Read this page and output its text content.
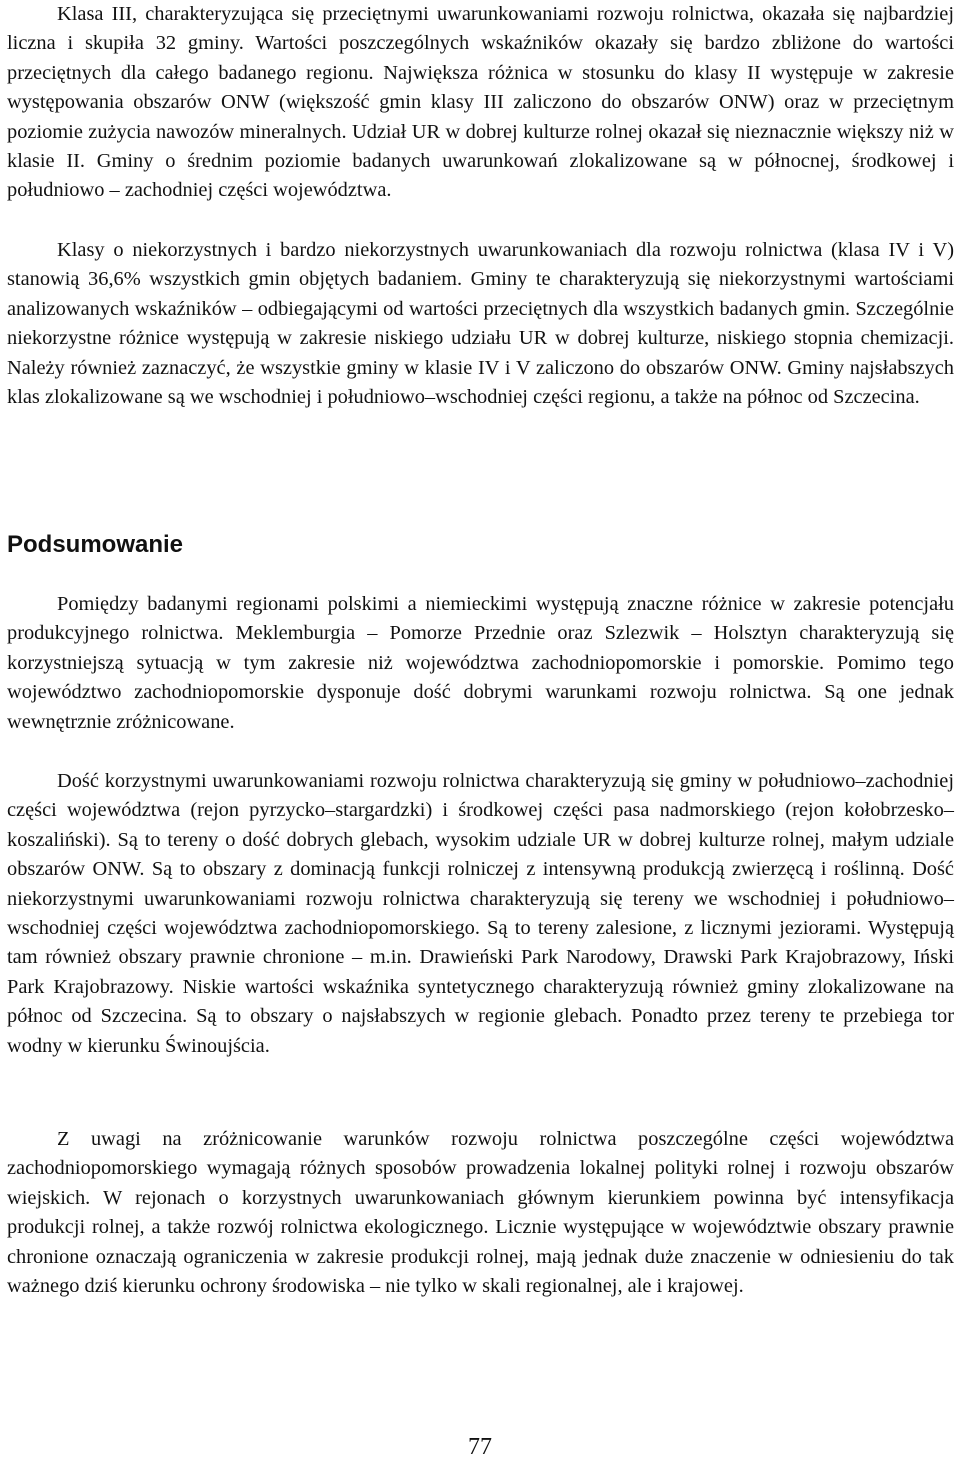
Klasa III, charakteryzująca się przeciętnymi uwarunkowaniami rozwoju rolnictwa, okazała się najbardziej liczna i skupiła 32 gminy. Wartości poszczególnych wskaźników okazały się bardzo zbliżone do wartości przeciętnych dla całego badanego regionu. Największa różnica w stosunku do klasy II występuje w zakresie występowania obszarów ONW (większość gmin klasy III zaliczono do obszarów ONW) oraz w przeciętnym poziomie zużycia nawozów mineralnych. Udział UR w dobrej kulturze rolnej okazał się nieznacznie większy niż w klasie II. Gminy o średnim poziomie badanych uwarunkowań zlokalizowane są w północnej, środkowej i południowo – zachodniej części województwa.

Klasy o niekorzystnych i bardzo niekorzystnych uwarunkowaniach dla rozwoju rolnictwa (klasa IV i V) stanowią 36,6% wszystkich gmin objętych badaniem. Gminy te charakteryzują się niekorzystnymi wartościami analizowanych wskaźników – odbiegającymi od wartości przeciętnych dla wszystkich badanych gmin. Szczególnie niekorzystne różnice występują w zakresie niskiego udziału UR w dobrej kulturze, niskiego stopnia chemizacji. Należy również zaznaczyć, że wszystkie gminy w klasie IV i V zaliczono do obszarów ONW. Gminy najsłabszych klas zlokalizowane są we wschodniej i południowo–wschodniej części regionu, a także na północ od Szczecina.

Podsumowanie

Pomiędzy badanymi regionami polskimi a niemieckimi występują znaczne różnice w zakresie potencjału produkcyjnego rolnictwa. Meklemburgia – Pomorze Przednie oraz Szlezwik – Holsztyn charakteryzują się korzystniejszą sytuacją w tym zakresie niż województwa zachodniopomorskie i pomorskie. Pomimo tego województwo zachodniopomorskie dysponuje dość dobrymi warunkami rozwoju rolnictwa. Są one jednak wewnętrznie zróżnicowane.

Dość korzystnymi uwarunkowaniami rozwoju rolnictwa charakteryzują się gminy w południowo–zachodniej części województwa (rejon pyrzycko–stargardzki) i środkowej części pasa nadmorskiego (rejon kołobrzesko–koszaliński). Są to tereny o dość dobrych glebach, wysokim udziale UR w dobrej kulturze rolnej, małym udziale obszarów ONW. Są to obszary z dominacją funkcji rolniczej z intensywną produkcją zwierzęcą i roślinną. Dość niekorzystnymi uwarunkowaniami rozwoju rolnictwa charakteryzują się tereny we wschodniej i południowo–wschodniej części województwa zachodniopomorskiego. Są to tereny zalesione, z licznymi jeziorami. Występują tam również obszary prawnie chronione – m.in. Drawieński Park Narodowy, Drawski Park Krajobrazowy, Iński Park Krajobrazowy. Niskie wartości wskaźnika syntetycznego charakteryzują również gminy zlokalizowane na północ od Szczecina. Są to obszary o najsłabszych w regionie glebach. Ponadto przez tereny te przebiega tor wodny w kierunku Świnoujścia.

Z uwagi na zróżnicowanie warunków rozwoju rolnictwa poszczególne części województwa zachodniopomorskiego wymagają różnych sposobów prowadzenia lokalnej polityki rolnej i rozwoju obszarów wiejskich. W rejonach o korzystnych uwarunkowaniach głównym kierunkiem powinna być intensyfikacja produkcji rolnej, a także rozwój rolnictwa ekologicznego. Licznie występujące w województwie obszary prawnie chronione oznaczają ograniczenia w zakresie produkcji rolnej, mają jednak duże znaczenie w odniesieniu do tak ważnego dziś kierunku ochrony środowiska – nie tylko w skali regionalnej, ale i krajowej.

77
